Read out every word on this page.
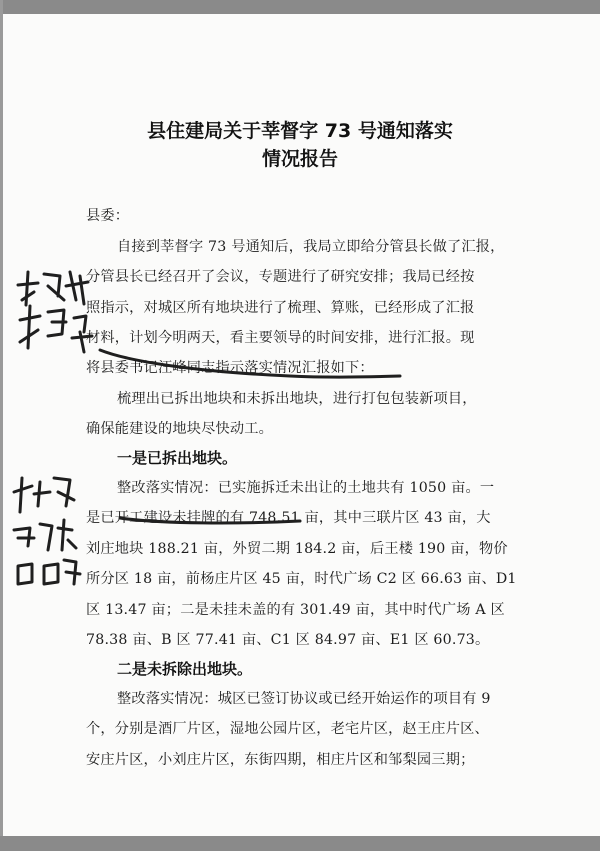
县住建局关于莘督字 73 号通知落实
情况报告
县委：
自接到莘督字 73 号通知后，我局立即给分管县长做了汇报，
分管县长已经召开了会议，专题进行了研究安排；我局已经按
照指示，对城区所有地块进行了梳理、算账，已经形成了汇报
材料，计划今明两天，看主要领导的时间安排，进行汇报。现
将县委书记汪峰同志指示落实情况汇报如下：
梳理出已拆出地块和未拆出地块，进行打包包装新项目，
确保能建设的地块尽快动工。
一是已拆出地块。
整改落实情况：已实施拆迁未出让的土地共有 1050 亩。一
是已开工建设未挂牌的有 748.51 亩，其中三联片区 43 亩，大
刘庄地块 188.21 亩，外贸二期 184.2 亩，后王楼 190 亩，物价
所分区 18 亩，前杨庄片区 45 亩，时代广场 C2 区 66.63 亩、D1
区 13.47 亩；二是未挂未盖的有 301.49 亩，其中时代广场 A 区
78.38 亩、B 区 77.41 亩、C1 区 84.97 亩、E1 区 60.73。
二是未拆除出地块。
整改落实情况：城区已签订协议或已经开始运作的项目有 9
个，分别是酒厂片区，湿地公园片区，老宅片区，赵王庄片区、
安庄片区，小刘庄片区，东街四期，相庄片区和邹梨园三期；
